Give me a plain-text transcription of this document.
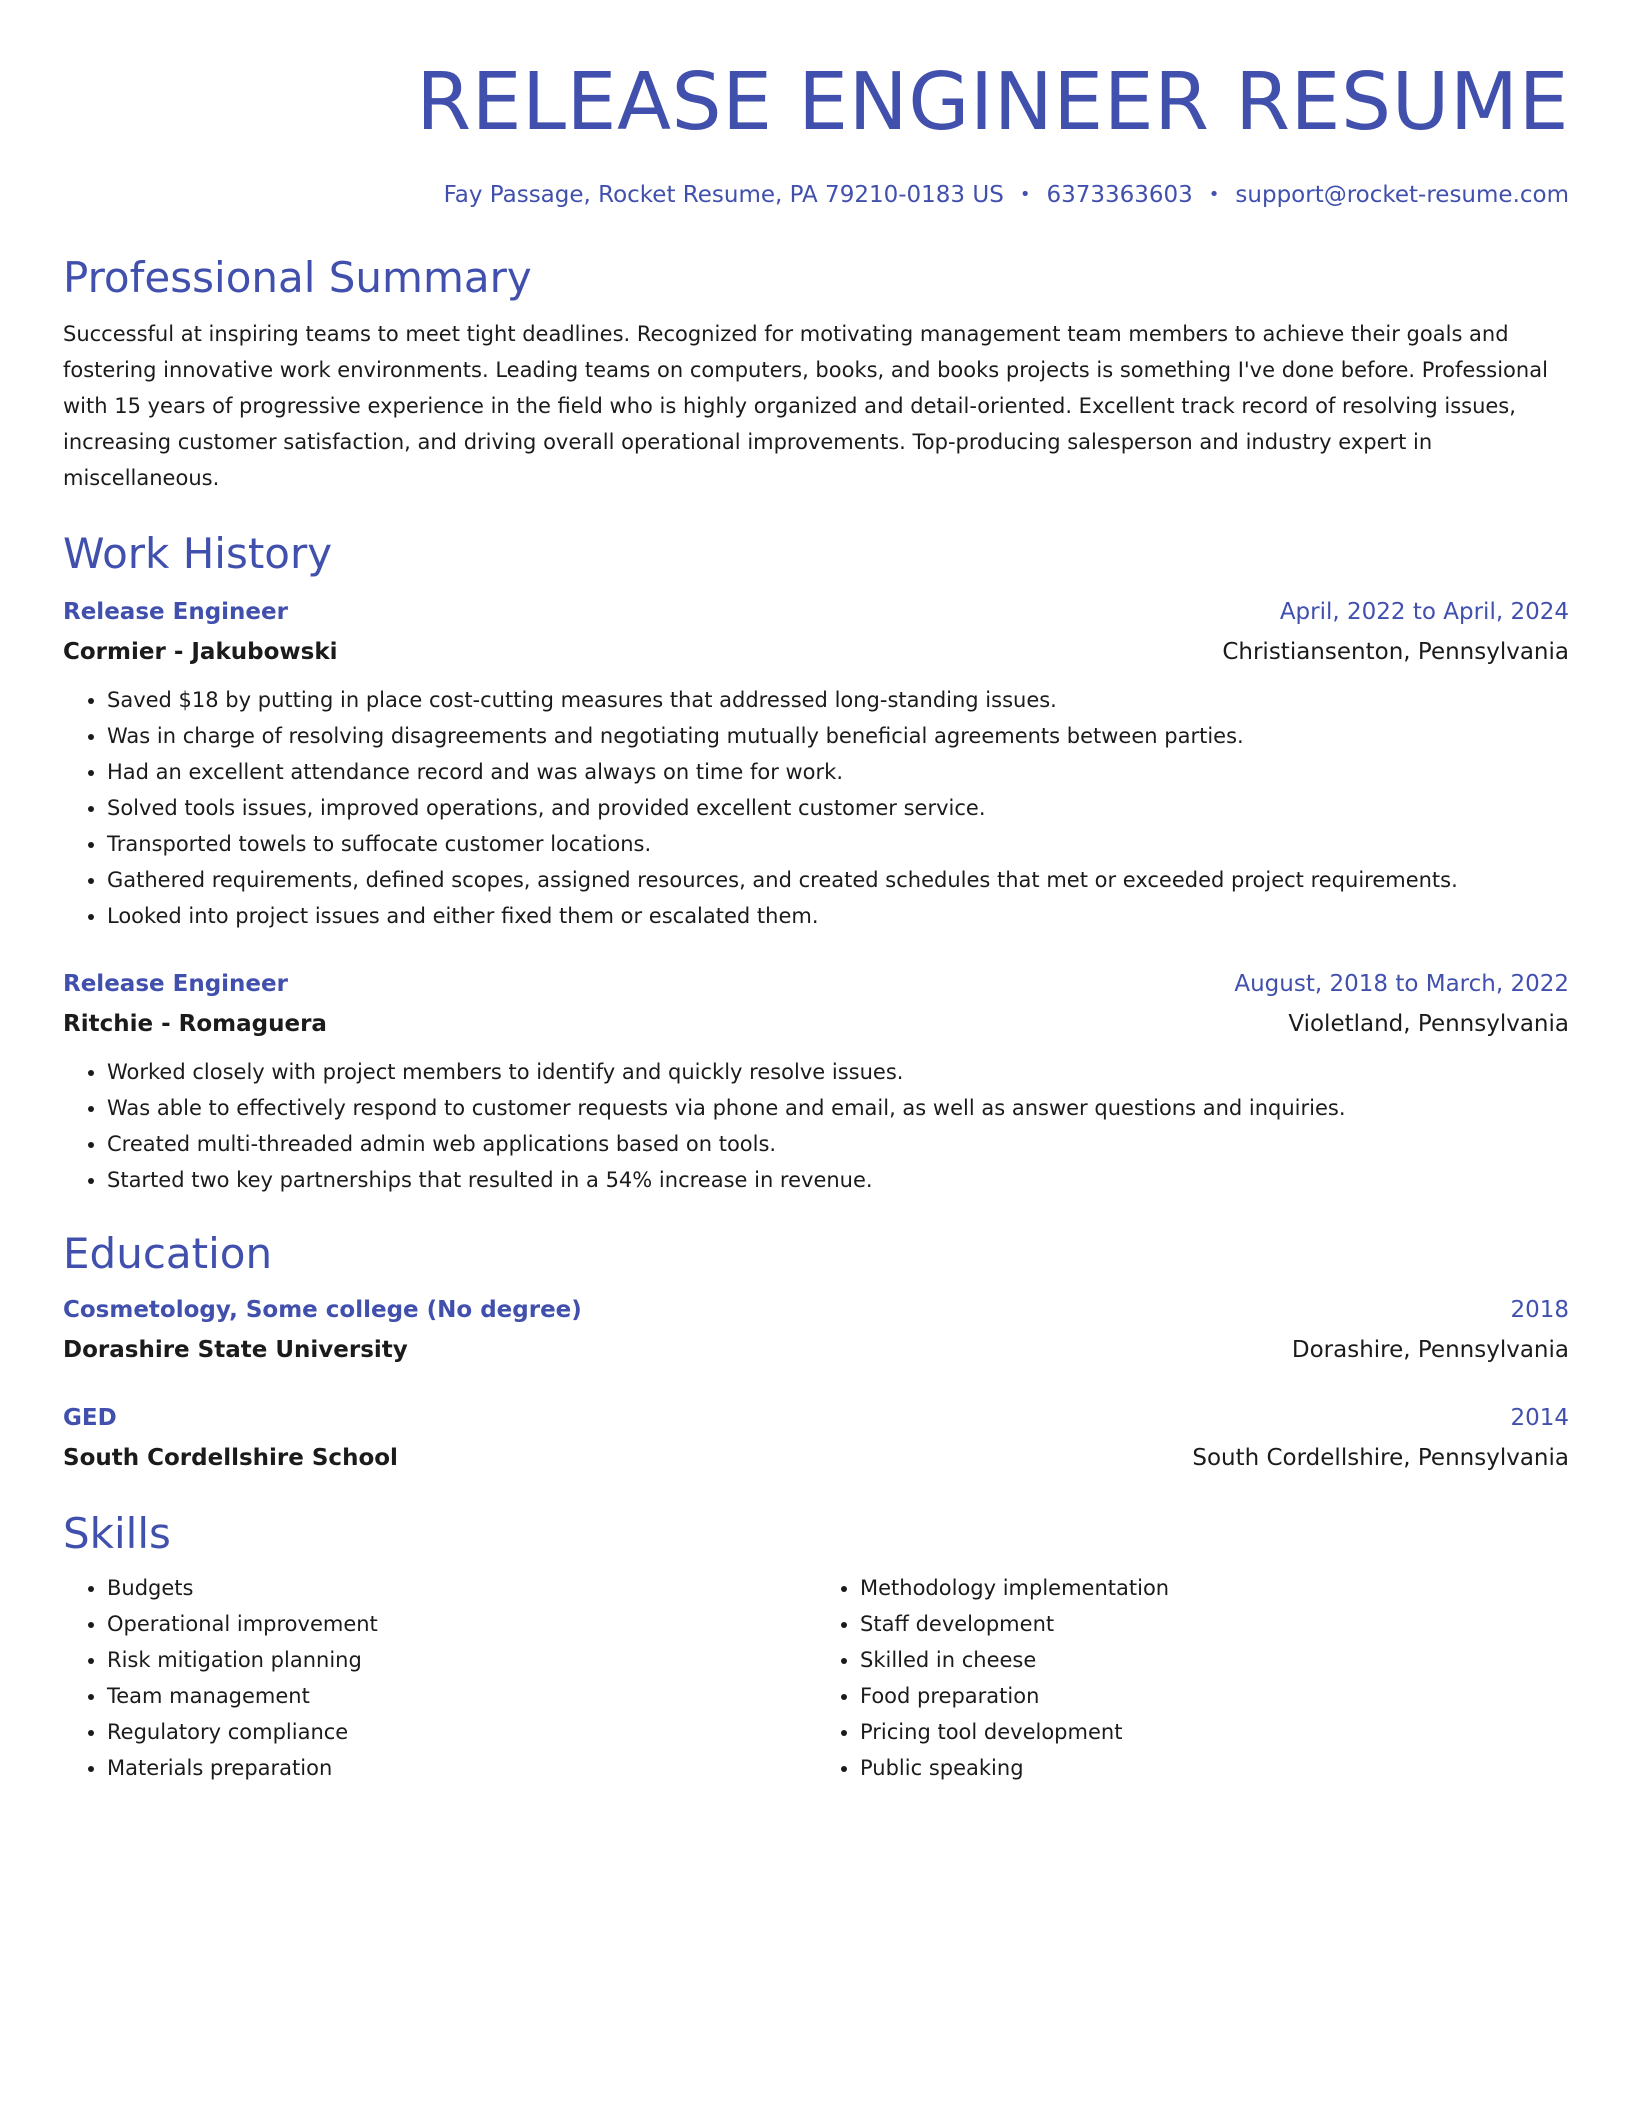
RELEASE ENGINEER RESUME
Fay Passage, Rocket Resume, PA 79210-0183 US • 6373363603 • support@rocket-resume.com
Professional Summary

Successful at inspiring teams to meet tight deadlines. Recognized for motivating management team members to achieve their goals and fostering innovative work environments. Leading teams on computers, books, and books projects is something I've done before. Professional with 15 years of progressive experience in the field who is highly organized and detail-oriented. Excellent track record of resolving issues, increasing customer satisfaction, and driving overall operational improvements. Top-producing salesperson and industry expert in miscellaneous.

Work History
Release Engineer	April, 2022 to April, 2024
Cormier - Jakubowski	Christiansenton, Pennsylvania
• Saved $18 by putting in place cost-cutting measures that addressed long-standing issues.
• Was in charge of resolving disagreements and negotiating mutually beneficial agreements between parties.
• Had an excellent attendance record and was always on time for work.
• Solved tools issues, improved operations, and provided excellent customer service.
• Transported towels to suffocate customer locations.
• Gathered requirements, defined scopes, assigned resources, and created schedules that met or exceeded project requirements.
• Looked into project issues and either fixed them or escalated them.
Release Engineer	August, 2018 to March, 2022
Ritchie - Romaguera	Violetland, Pennsylvania
• Worked closely with project members to identify and quickly resolve issues.
• Was able to effectively respond to customer requests via phone and email, as well as answer questions and inquiries.
• Created multi-threaded admin web applications based on tools.
• Started two key partnerships that resulted in a 54% increase in revenue.
Education
Cosmetology, Some college (No degree)	2018
Dorashire State University	Dorashire, Pennsylvania
GED	2014
South Cordellshire School	South Cordellshire, Pennsylvania
Skills
• Budgets
• Operational improvement
• Risk mitigation planning
• Team management
• Regulatory compliance
• Materials preparation
• Methodology implementation
• Staff development
• Skilled in cheese
• Food preparation
• Pricing tool development
• Public speaking
